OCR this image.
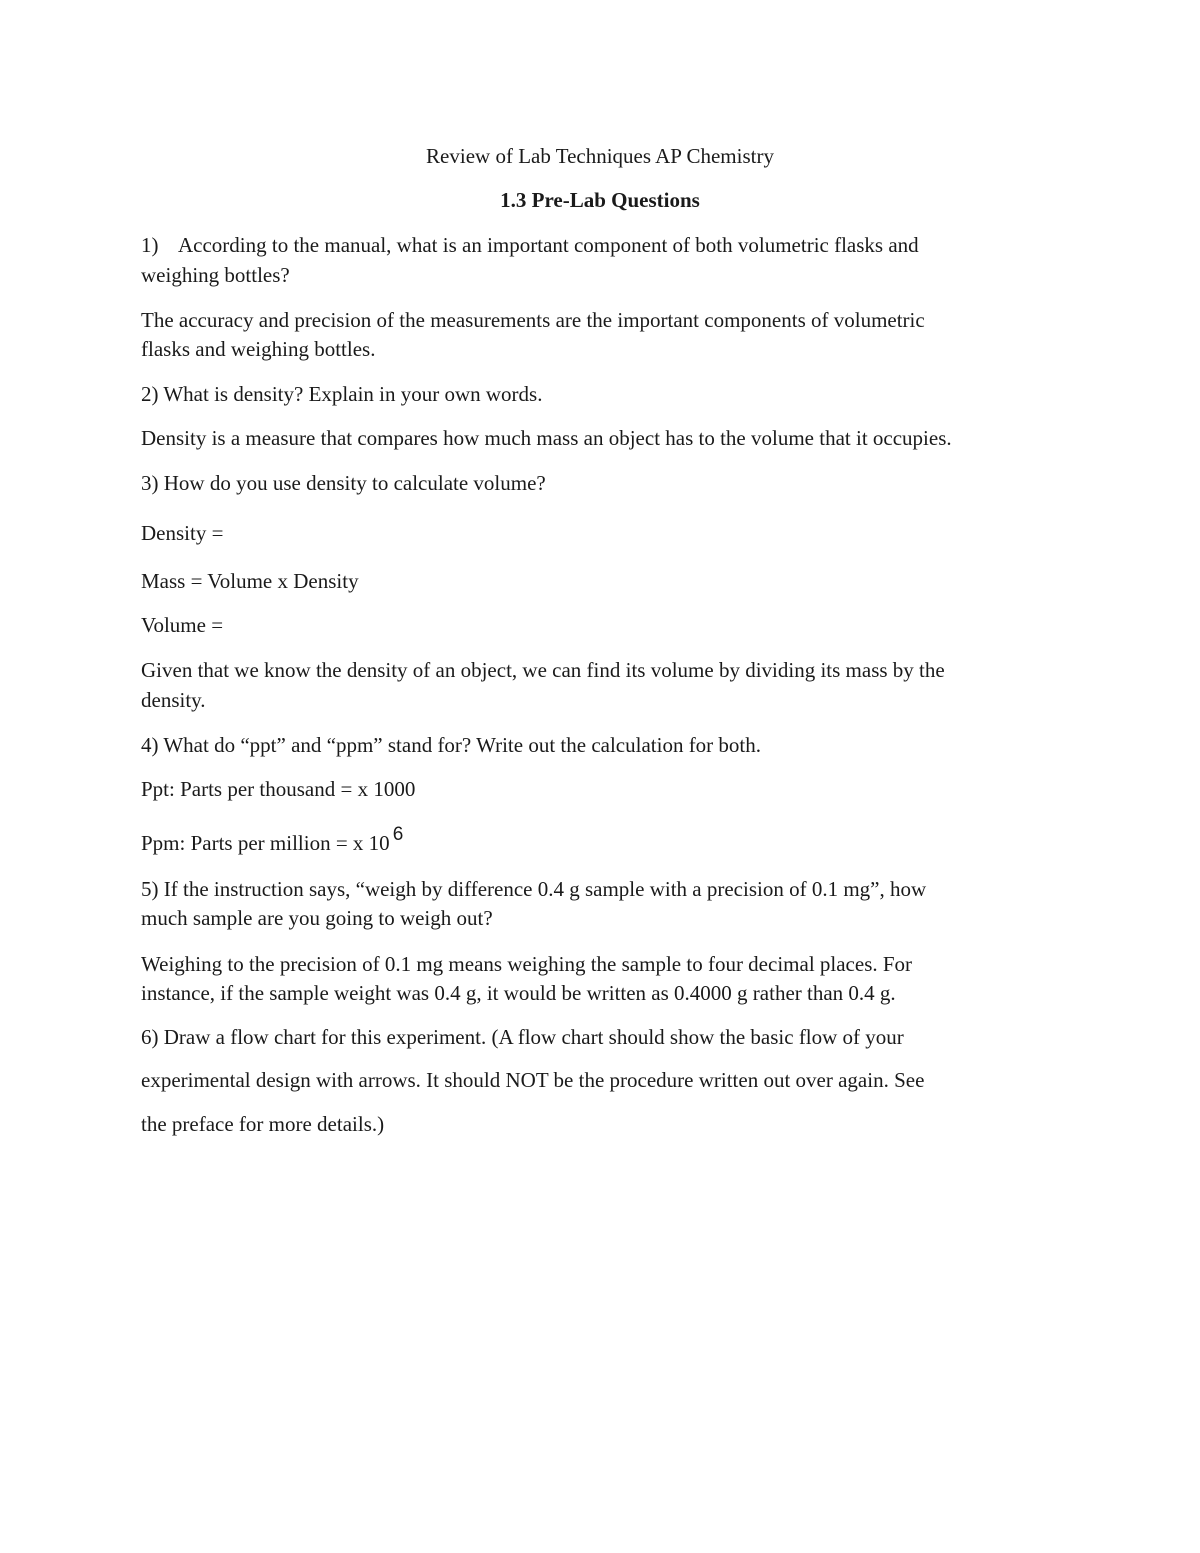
Review of Lab Techniques AP Chemistry

1.3 Pre-Lab Questions

1) According to the manual, what is an important component of both volumetric flasks and

weighing bottles?

The accuracy and precision of the measurements are the important components of volumetric

flasks and weighing bottles.

2) What is density? Explain in your own words.

Density is a measure that compares how much mass an object has to the volume that it occupies.

3) How do you use density to calculate volume?

Density =

Mass = Volume x Density

Volume =

Given that we know the density of an object, we can find its volume by dividing its mass by the

density.

4) What do “ppt” and “ppm” stand for? Write out the calculation for both.

Ppt: Parts per thousand = x 1000

Ppm: Parts per million = x 10 6

5) If the instruction says, “weigh by difference 0.4 g sample with a precision of 0.1 mg”, how

much sample are you going to weigh out?

Weighing to the precision of 0.1 mg means weighing the sample to four decimal places. For

instance, if the sample weight was 0.4 g, it would be written as 0.4000 g rather than 0.4 g.

6) Draw a flow chart for this experiment. (A flow chart should show the basic flow of your

experimental design with arrows. It should NOT be the procedure written out over again. See

the preface for more details.)
